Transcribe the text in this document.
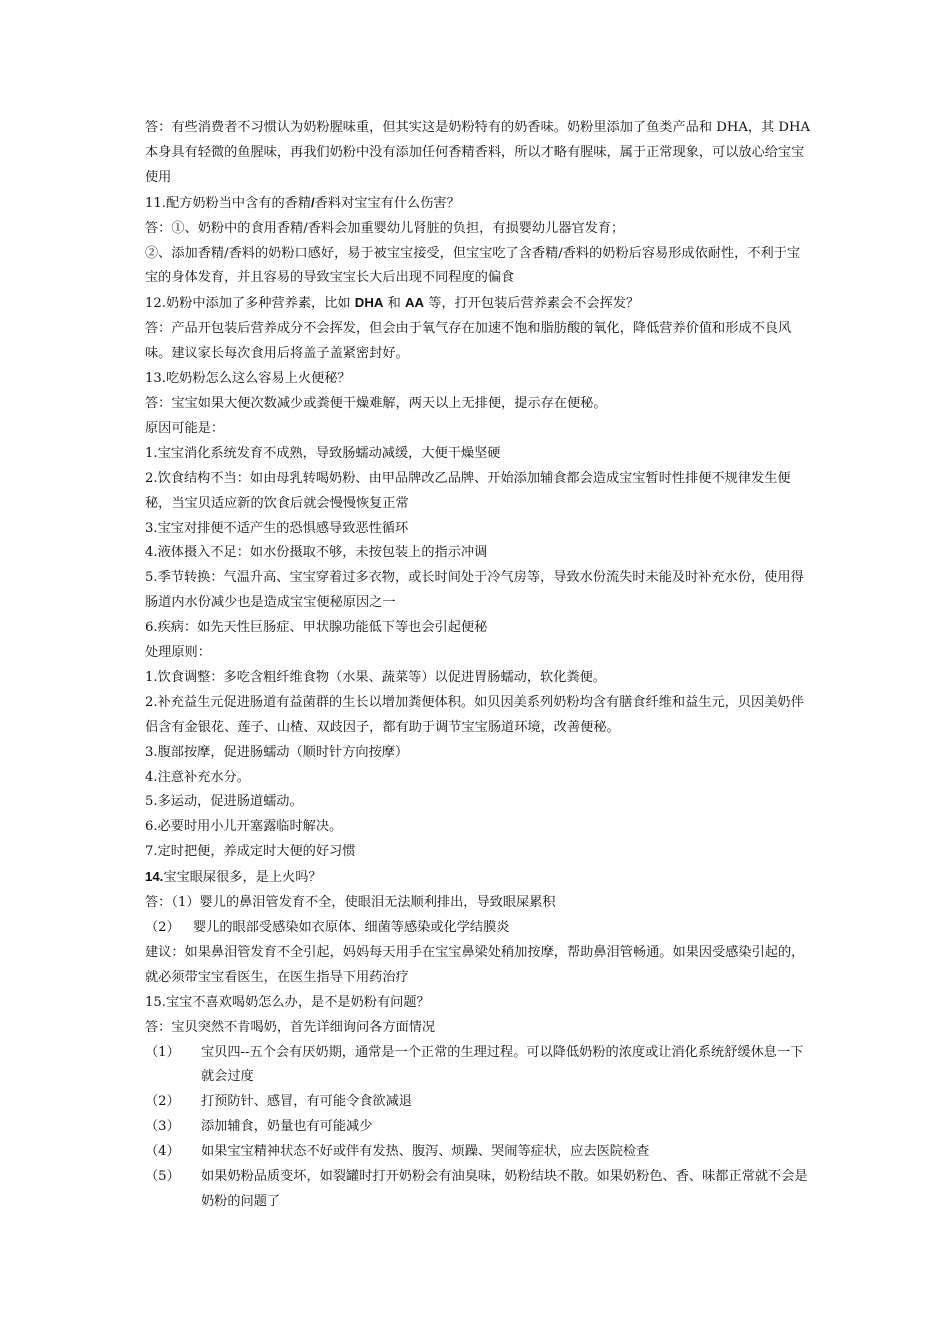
答：有些消费者不习惯认为奶粉腥味重，但其实这是奶粉特有的奶香味。奶粉里添加了鱼类产品和 DHA，其 DHA 本身具有轻微的鱼腥味，再我们奶粉中没有添加任何香精香料，所以才略有腥味，属于正常现象，可以放心给宝宝使用

11.配方奶粉当中含有的香精/香料对宝宝有什么伤害？

答：①、奶粉中的食用香精/香料会加重婴幼儿肾脏的负担，有损婴幼儿器官发育；

②、添加香精/香料的奶粉口感好，易于被宝宝接受，但宝宝吃了含香精/香料的奶粉后容易形成依耐性，不利于宝宝的身体发育，并且容易的导致宝宝长大后出现不同程度的偏食

12.奶粉中添加了多种营养素，比如 DHA 和 AA 等，打开包装后营养素会不会挥发？

答：产品开包装后营养成分不会挥发，但会由于氧气存在加速不饱和脂肪酸的氧化，降低营养价值和形成不良风味。建议家长每次食用后将盖子盖紧密封好。

13.吃奶粉怎么这么容易上火便秘？

答：宝宝如果大便次数减少或粪便干燥难解，两天以上无排便，提示存在便秘。

原因可能是：

1.宝宝消化系统发育不成熟，导致肠蠕动减缓，大便干燥坚硬

2.饮食结构不当：如由母乳转喝奶粉、由甲品牌改乙品牌、开始添加辅食都会造成宝宝暂时性排便不规律发生便秘，当宝贝适应新的饮食后就会慢慢恢复正常

3.宝宝对排便不适产生的恐惧感导致恶性循环

4.液体摄入不足：如水份摄取不够，未按包装上的指示冲调

5.季节转换：气温升高、宝宝穿着过多衣物，或长时间处于冷气房等，导致水份流失时未能及时补充水份，使用得肠道内水份减少也是造成宝宝便秘原因之一

6.疾病：如先天性巨肠症、甲状腺功能低下等也会引起便秘

处理原则：

1.饮食调整：多吃含粗纤维食物（水果、蔬菜等）以促进胃肠蠕动，软化粪便。

2.补充益生元促进肠道有益菌群的生长以增加粪便体积。如贝因美系列奶粉均含有膳食纤维和益生元，贝因美奶伴侣含有金银花、莲子、山楂、双歧因子，都有助于调节宝宝肠道环境，改善便秘。

3.腹部按摩，促进肠蠕动（顺时针方向按摩）

4.注意补充水分。

5.多运动，促进肠道蠕动。

6.必要时用小儿开塞露临时解决。

7.定时把便，养成定时大便的好习惯

14.宝宝眼屎很多，是上火吗？

答：（1）婴儿的鼻泪管发育不全，使眼泪无法顺利排出，导致眼屎累积

（2）	婴儿的眼部受感染如衣原体、细菌等感染或化学结膜炎

建议：如果鼻泪管发育不全引起，妈妈每天用手在宝宝鼻梁处稍加按摩，帮助鼻泪管畅通。如果因受感染引起的，就必须带宝宝看医生，在医生指导下用药治疗

15.宝宝不喜欢喝奶怎么办，是不是奶粉有问题？

答：宝贝突然不肯喝奶，首先详细询问各方面情况

（1）	宝贝四--五个会有厌奶期，通常是一个正常的生理过程。可以降低奶粉的浓度或让消化系统舒缓休息一下就会过度
（2）	打预防针、感冒，有可能令食欲减退
（3）	添加辅食，奶量也有可能减少
（4）	如果宝宝精神状态不好或伴有发热、腹泻、烦躁、哭闹等症状，应去医院检查
（5）	如果奶粉品质变坏，如裂罐时打开奶粉会有油臭味，奶粉结块不散。如果奶粉色、香、味都正常就不会是奶粉的问题了
